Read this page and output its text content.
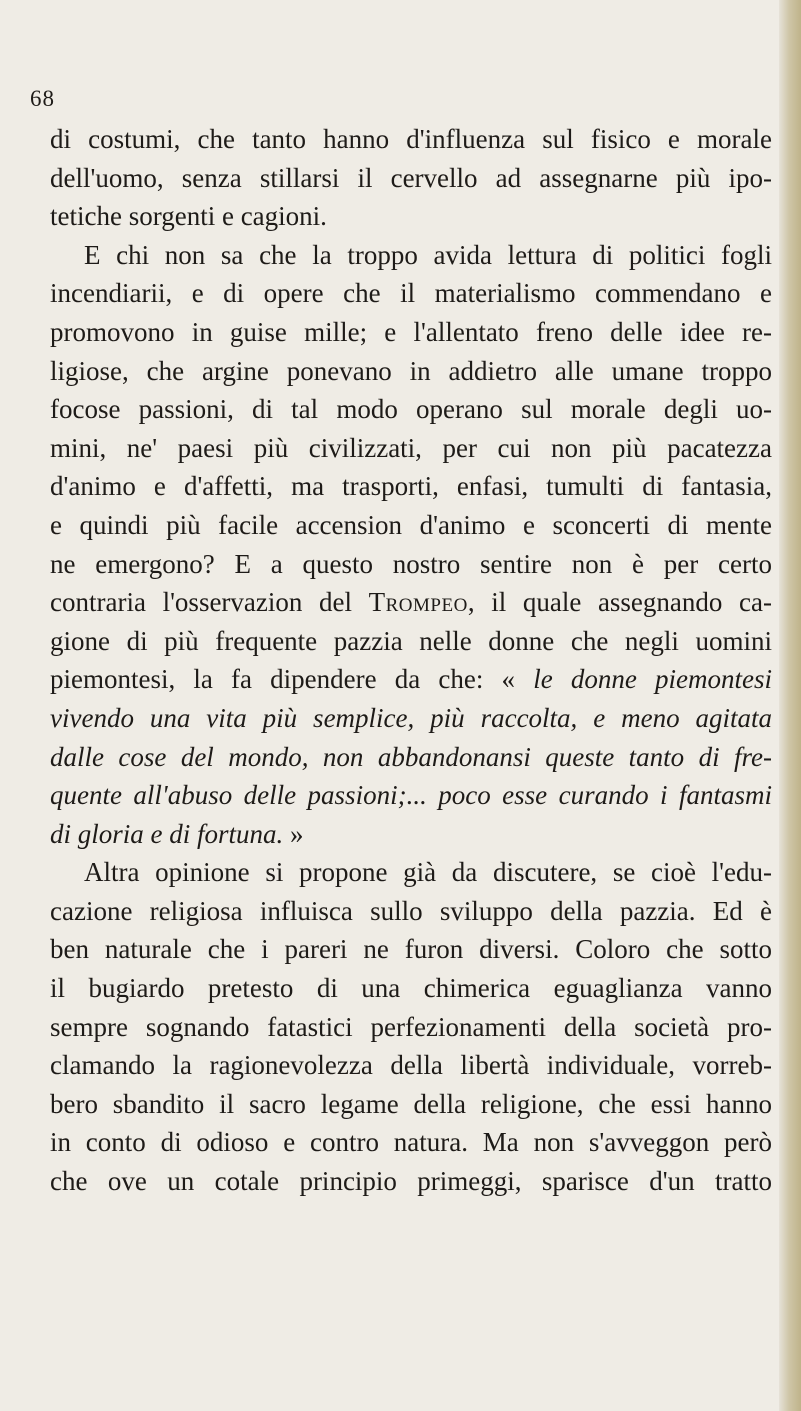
68
di costumi, che tanto hanno d'influenza sul fisico e morale
dell'uomo, senza stillarsi il cervello ad assegnarne più ipo-
tetiche sorgenti e cagioni.
E chi non sa che la troppo avida lettura di politici fogli
incendiarii, e di opere che il materialismo commendano e
promovono in guise mille; e l'allentato freno delle idee re-
ligiose, che argine ponevano in addietro alle umane troppo
focose passioni, di tal modo operano sul morale degli uo-
mini, ne' paesi più civilizzati, per cui non più pacatezza
d'animo e d'affetti, ma trasporti, enfasi, tumulti di fantasia,
e quindi più facile accension d'animo e sconcerti di mente
ne emergono? E a questo nostro sentire non è per certo
contraria l'osservazion del Trompeo, il quale assegnando ca-
gione di più frequente pazzia nelle donne che negli uomini
piemontesi, la fa dipendere da che: « le donne piemontesi
vivendo una vita più semplice, più raccolta, e meno agitata
dalle cose del mondo, non abbandonansi queste tanto di fre-
quente all'abuso delle passioni;... poco esse curando i fantasmi
di gloria e di fortuna. »
Altra opinione si propone già da discutere, se cioè l'edu-
cazione religiosa influisca sullo sviluppo della pazzia. Ed è
ben naturale che i pareri ne furon diversi. Coloro che sotto
il bugiardo pretesto di una chimerica eguaglianza vanno
sempre sognando fatastici perfezionamenti della società pro-
clamando la ragionevolezza della libertà individuale, vorreb-
bero sbandito il sacro legame della religione, che essi hanno
in conto di odioso e contro natura. Ma non s'avveggon però
che ove un cotale principio primeggi, sparisce d'un tratto
